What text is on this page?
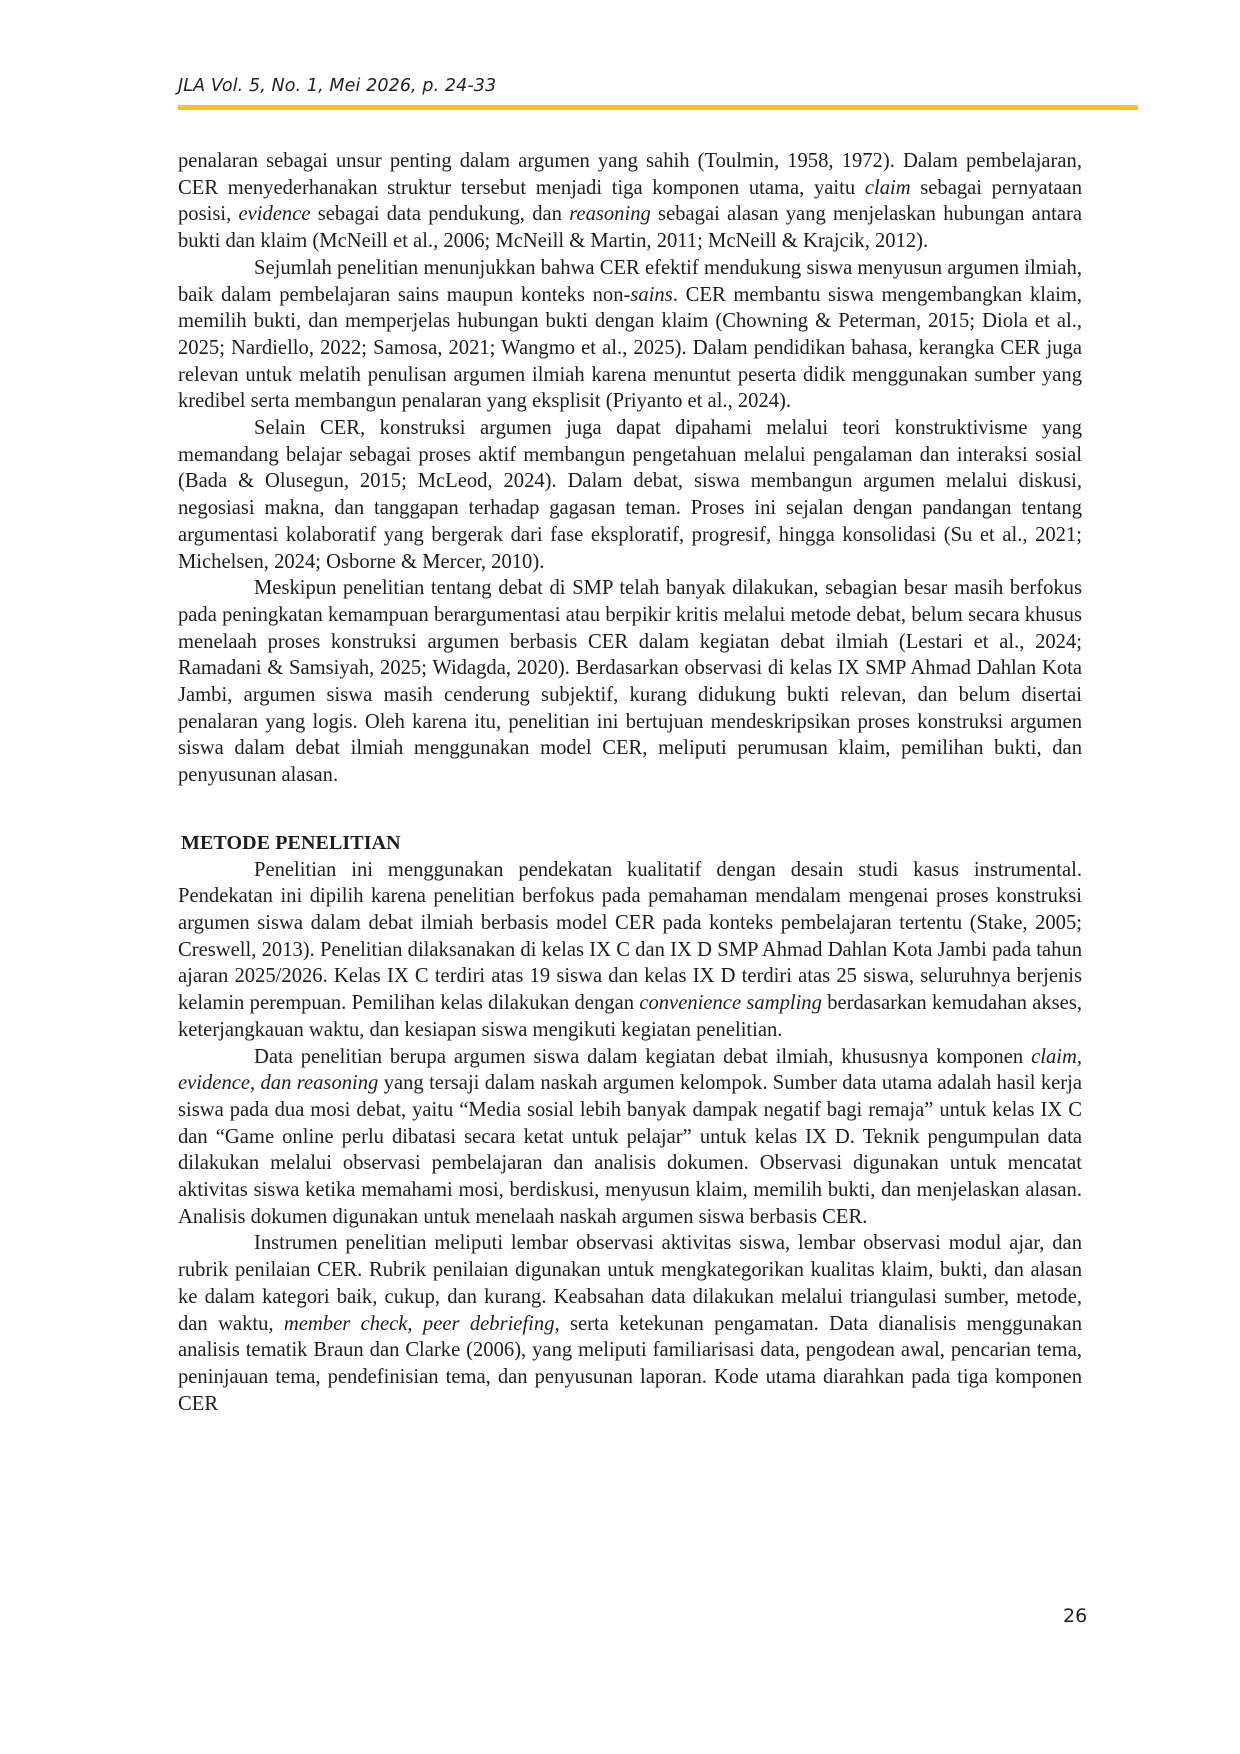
JLA Vol. 5, No. 1, Mei 2026, p. 24-33

penalaran sebagai unsur penting dalam argumen yang sahih (Toulmin, 1958, 1972). Dalam pembelajaran, CER menyederhanakan struktur tersebut menjadi tiga komponen utama, yaitu claim sebagai pernyataan posisi, evidence sebagai data pendukung, dan reasoning sebagai alasan yang menjelaskan hubungan antara bukti dan klaim (McNeill et al., 2006; McNeill & Martin, 2011; McNeill & Krajcik, 2012).

Sejumlah penelitian menunjukkan bahwa CER efektif mendukung siswa menyusun argumen ilmiah, baik dalam pembelajaran sains maupun konteks non-sains. CER membantu siswa mengembangkan klaim, memilih bukti, dan memperjelas hubungan bukti dengan klaim (Chowning & Peterman, 2015; Diola et al., 2025; Nardiello, 2022; Samosa, 2021; Wangmo et al., 2025). Dalam pendidikan bahasa, kerangka CER juga relevan untuk melatih penulisan argumen ilmiah karena menuntut peserta didik menggunakan sumber yang kredibel serta membangun penalaran yang eksplisit (Priyanto et al., 2024).

Selain CER, konstruksi argumen juga dapat dipahami melalui teori konstruktivisme yang memandang belajar sebagai proses aktif membangun pengetahuan melalui pengalaman dan interaksi sosial (Bada & Olusegun, 2015; McLeod, 2024). Dalam debat, siswa membangun argumen melalui diskusi, negosiasi makna, dan tanggapan terhadap gagasan teman. Proses ini sejalan dengan pandangan tentang argumentasi kolaboratif yang bergerak dari fase eksploratif, progresif, hingga konsolidasi (Su et al., 2021; Michelsen, 2024; Osborne & Mercer, 2010).

Meskipun penelitian tentang debat di SMP telah banyak dilakukan, sebagian besar masih berfokus pada peningkatan kemampuan berargumentasi atau berpikir kritis melalui metode debat, belum secara khusus menelaah proses konstruksi argumen berbasis CER dalam kegiatan debat ilmiah (Lestari et al., 2024; Ramadani & Samsiyah, 2025; Widagda, 2020). Berdasarkan observasi di kelas IX SMP Ahmad Dahlan Kota Jambi, argumen siswa masih cenderung subjektif, kurang didukung bukti relevan, dan belum disertai penalaran yang logis. Oleh karena itu, penelitian ini bertujuan mendeskripsikan proses konstruksi argumen siswa dalam debat ilmiah menggunakan model CER, meliputi perumusan klaim, pemilihan bukti, dan penyusunan alasan.

METODE PENELITIAN

Penelitian ini menggunakan pendekatan kualitatif dengan desain studi kasus instrumental. Pendekatan ini dipilih karena penelitian berfokus pada pemahaman mendalam mengenai proses konstruksi argumen siswa dalam debat ilmiah berbasis model CER pada konteks pembelajaran tertentu (Stake, 2005; Creswell, 2013). Penelitian dilaksanakan di kelas IX C dan IX D SMP Ahmad Dahlan Kota Jambi pada tahun ajaran 2025/2026. Kelas IX C terdiri atas 19 siswa dan kelas IX D terdiri atas 25 siswa, seluruhnya berjenis kelamin perempuan. Pemilihan kelas dilakukan dengan convenience sampling berdasarkan kemudahan akses, keterjangkauan waktu, dan kesiapan siswa mengikuti kegiatan penelitian.

Data penelitian berupa argumen siswa dalam kegiatan debat ilmiah, khususnya komponen claim, evidence, dan reasoning yang tersaji dalam naskah argumen kelompok. Sumber data utama adalah hasil kerja siswa pada dua mosi debat, yaitu “Media sosial lebih banyak dampak negatif bagi remaja” untuk kelas IX C dan “Game online perlu dibatasi secara ketat untuk pelajar” untuk kelas IX D. Teknik pengumpulan data dilakukan melalui observasi pembelajaran dan analisis dokumen. Observasi digunakan untuk mencatat aktivitas siswa ketika memahami mosi, berdiskusi, menyusun klaim, memilih bukti, dan menjelaskan alasan. Analisis dokumen digunakan untuk menelaah naskah argumen siswa berbasis CER.

Instrumen penelitian meliputi lembar observasi aktivitas siswa, lembar observasi modul ajar, dan rubrik penilaian CER. Rubrik penilaian digunakan untuk mengkategorikan kualitas klaim, bukti, dan alasan ke dalam kategori baik, cukup, dan kurang. Keabsahan data dilakukan melalui triangulasi sumber, metode, dan waktu, member check, peer debriefing, serta ketekunan pengamatan. Data dianalisis menggunakan analisis tematik Braun dan Clarke (2006), yang meliputi familiarisasi data, pengodean awal, pencarian tema, peninjauan tema, pendefinisian tema, dan penyusunan laporan. Kode utama diarahkan pada tiga komponen CER

26
